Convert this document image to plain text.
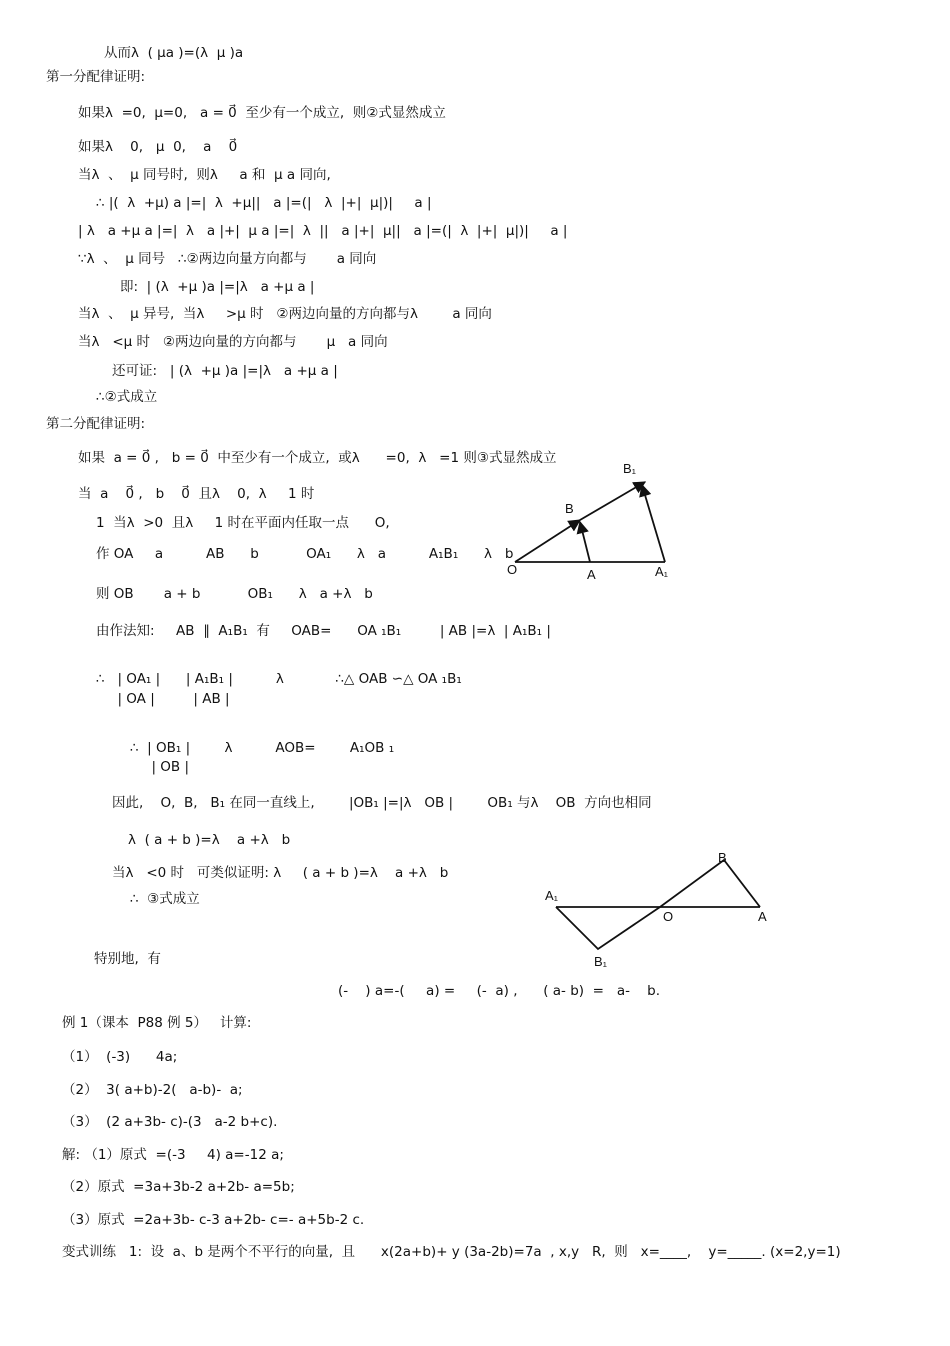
从而λ  ( μa )=(λ  μ )a
第一分配律证明:
如果λ  =0,  μ=0,   a = 0⃗  至少有一个成立,  则②式显然成立
如果λ    0,   μ  0,    a    0⃗
当λ  、  μ 同号时,  则λ     a 和  μ a 同向,
∴ |(  λ  +μ) a |=|  λ  +μ||   a |=(|   λ  |+|  μ|)|     a |
| λ   a +μ a |=|  λ   a |+|  μ a |=|  λ  ||   a |+|  μ||   a |=(|  λ  |+|  μ|)|     a |
∵λ  、  μ 同号   ∴②两边向量方向都与       a 同向
即:  | (λ  +μ )a |=|λ   a +μ a |
当λ  、  μ 异号,  当λ     >μ 时   ②两边向量的方向都与λ        a 同向
当λ   <μ 时   ②两边向量的方向都与       μ   a 同向
还可证:   | (λ  +μ )a |=|λ   a +μ a |
∴②式成立
第二分配律证明:
如果  a = 0⃗ ,   b = 0⃗  中至少有一个成立,  或λ      =0,  λ   =1 则③式显然成立
当  a    0⃗ ,   b    0⃗  且λ    0,  λ     1 时
1  当λ  >0  且λ     1 时在平面内任取一点      O,
作 OA     a          AB      b           OA₁      λ   a          A₁B₁      λ   b
则 OB       a + b           OB₁      λ   a +λ   b
由作法知:     AB  ∥  A₁B₁  有     OAB=      OA ₁B₁         | AB |=λ  | A₁B₁ |
∴   | OA₁ |      | A₁B₁ |          λ            ∴△ OAB ∽△ OA ₁B₁
| OA |         | AB |
∴  | OB₁ |        λ          AOB=        A₁OB ₁
| OB |
因此,    O,  B,   B₁ 在同一直线上,        |OB₁ |=|λ   OB |        OB₁ 与λ    OB  方向也相同
λ  ( a + b )=λ    a +λ   b
当λ   <0 时   可类似证明: λ     ( a + b )=λ    a +λ   b
∴  ③式成立
特别地,  有
(-    ) a=-(     a) =     (-  a) ,      ( a- b)  =   a-    b.
例 1（课本  P88 例 5）   计算:
（1）  (-3)      4a;
（2）  3( a+b)-2(   a-b)-  a;
（3）  (2 a+3b- c)-(3   a-2 b+c).
解: （1）原式  =(-3     4) a=-12 a;
（2）原式  =3a+3b-2 a+2b- a=5b;
（3）原式  =2a+3b- c-3 a+2b- c=- a+5b-2 c.
变式训练   1:  设  a、b 是两个不平行的向量,  且      x(2a+b)+ y (3a-2b)=7a  , x,y   R,  则   x=____,    y=_____. (x=2,y=1)
O	A
B
A₁
B₁
O	A
B
A₁
B₁
